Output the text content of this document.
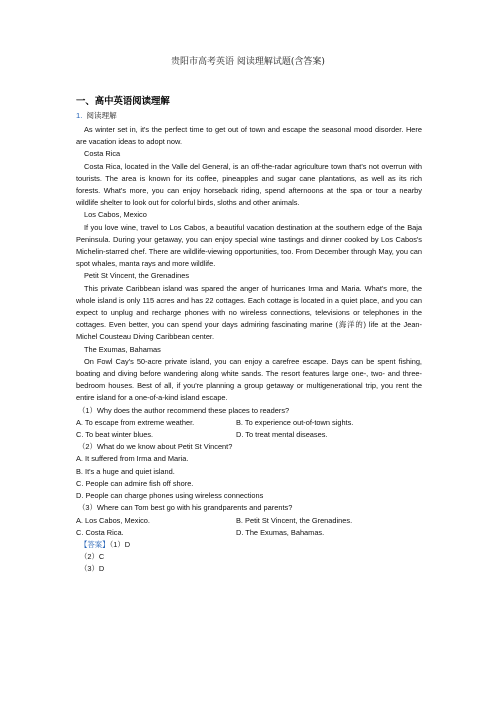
贵阳市高考英语 阅读理解试题(含答案)
一、高中英语阅读理解
1. 阅读理解

As winter set in, it's the perfect time to get out of town and escape the seasonal mood disorder. Here are vacation ideas to adopt now.

Costa Rica

Costa Rica, located in the Valle del General, is an off-the-radar agriculture town that's not overrun with tourists. The area is known for its coffee, pineapples and sugar cane plantations, as well as its rich forests. What's more, you can enjoy horseback riding, spend afternoons at the spa or tour a nearby wildlife shelter to look out for colorful birds, sloths and other animals.

Los Cabos, Mexico

If you love wine, travel to Los Cabos, a beautiful vacation destination at the southern edge of the Baja Peninsula. During your getaway, you can enjoy special wine tastings and dinner cooked by Los Cabos's Michelin-starred chef. There are wildlife-viewing opportunities, too. From December through May, you can spot whales, manta rays and more wildlife.

Petit St Vincent, the Grenadines

This private Caribbean island was spared the anger of hurricanes Irma and Maria. What's more, the whole island is only 115 acres and has 22 cottages. Each cottage is located in a quiet place, and you can expect to unplug and recharge phones with no wireless connections, televisions or telephones in the cottages. Even better, you can spend your days admiring fascinating marine (海洋的) life at the Jean-Michel Cousteau Diving Caribbean center.

The Exumas, Bahamas

On Fowl Cay's 50-acre private island, you can enjoy a carefree escape. Days can be spent fishing, boating and diving before wandering along white sands. The resort features large one-, two- and three-bedroom houses. Best of all, if you're planning a group getaway or multigenerational trip, you rent the entire island for a one-of-a-kind island escape.

（1）Why does the author recommend these places to readers?

A. To escape from extreme weather.	B. To experience out-of-town sights.
C. To beat winter blues.	D. To treat mental diseases.

（2）What do we know about Petit St Vincent?

A. It suffered from Irma and Maria.

B. It's a huge and quiet island.

C. People can admire fish off shore.

D. People can charge phones using wireless connections

（3）Where can Tom best go with his grandparents and parents?

A. Los Cabos, Mexico.	B. Petit St Vincent, the Grenadines.
C. Costa Rica.	D. The Exumas, Bahamas.

【答案】（1）D

（2）C

（3）D
